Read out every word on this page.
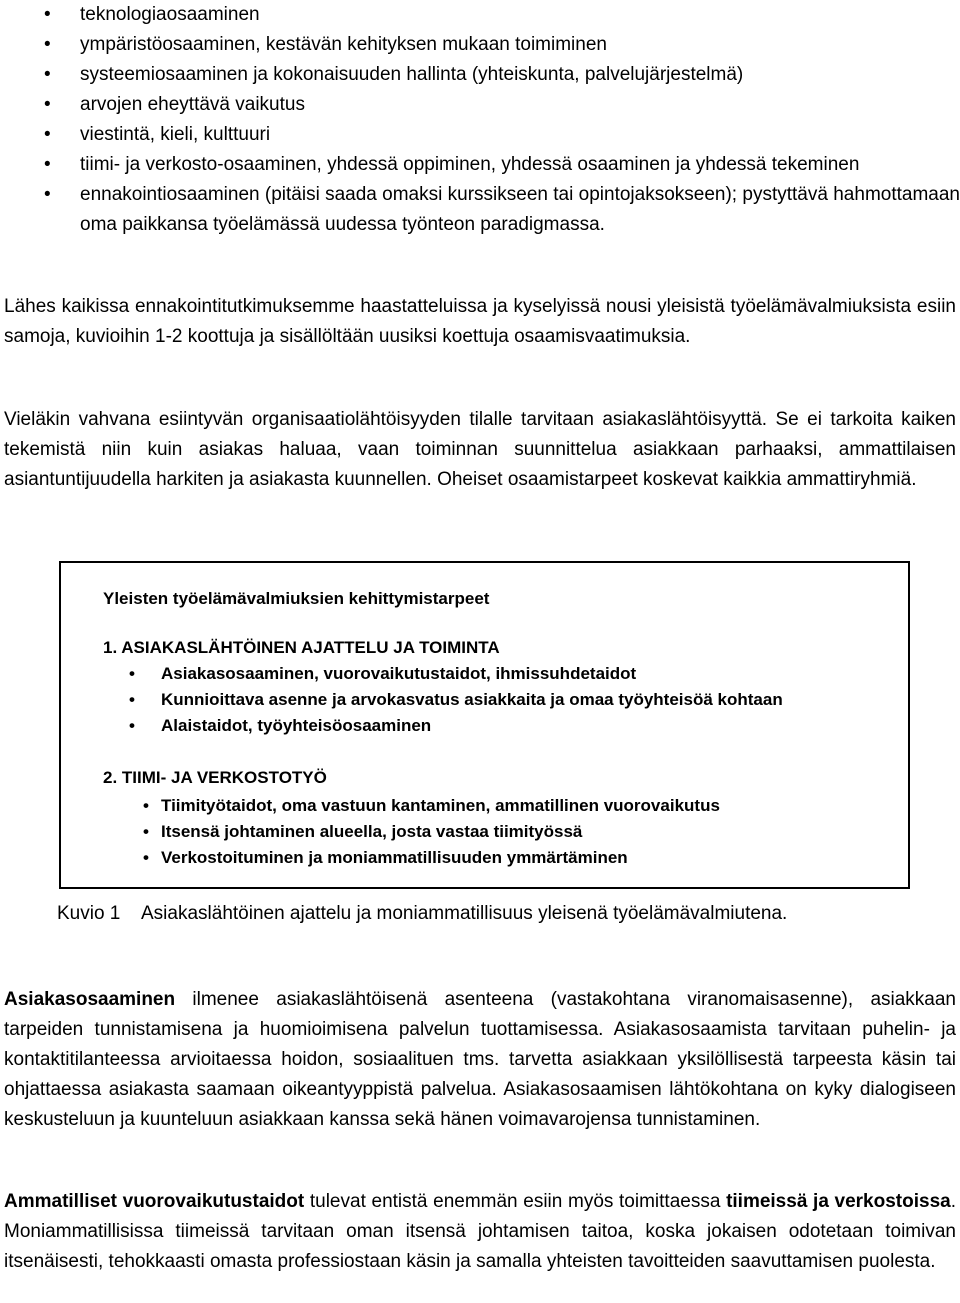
• teknologiaosaaminen
• ympäristöosaaminen, kestävän kehityksen mukaan toimiminen
• systeemiosaaminen ja kokonaisuuden hallinta (yhteiskunta, palvelujärjestelmä)
• arvojen eheyttävä vaikutus
• viestintä, kieli, kulttuuri
• tiimi- ja verkosto-osaaminen, yhdessä oppiminen, yhdessä osaaminen ja yhdessä tekeminen
• ennakointiosaaminen (pitäisi saada omaksi kurssikseen tai opintojaksokseen); pystyttävä hahmottamaan oma paikkansa työelämässä uudessa työnteon paradigmassa.

Lähes kaikissa ennakointitutkimuksemme haastatteluissa ja kyselyissä nousi yleisistä työelämävalmiuksista esiin samoja, kuvioihin 1-2 koottuja ja sisällöltään uusiksi koettuja osaamisvaatimuksia.

Vieläkin vahvana esiintyvän organisaatiolähtöisyyden tilalle tarvitaan asiakaslähtöisyyttä. Se ei tarkoita kaiken tekemistä niin kuin asiakas haluaa, vaan toiminnan suunnittelua asiakkaan parhaaksi, ammattilaisen asiantuntijuudella harkiten ja asiakasta kuunnellen. Oheiset osaamistarpeet koskevat kaikkia ammattiryhmiä.

Yleisten työelämävalmiuksien kehittymistarpeet
1. ASIAKASLÄHTÖINEN AJATTELU JA TOIMINTA
• Asiakasosaaminen, vuorovaikutustaidot, ihmissuhdetaidot
• Kunnioittava asenne ja arvokasvatus asiakkaita ja omaa työyhteisöä kohtaan
• Alaistaidot, työyhteisöosaaminen
2. TIIMI- JA VERKOSTOTYÖ
• Tiimityötaidot, oma vastuun kantaminen, ammatillinen vuorovaikutus
• Itsensä johtaminen alueella, josta vastaa tiimityössä
• Verkostoituminen ja moniammatillisuuden ymmärtäminen
Kuvio 1 Asiakaslähtöinen ajattelu ja moniammatillisuus yleisenä työelämävalmiutena.

Asiakasosaaminen ilmenee asiakaslähtöisenä asenteena (vastakohtana viranomaisasenne), asiakkaan tarpeiden tunnistamisena ja huomioimisena palvelun tuottamisessa. Asiakasosaamista tarvitaan puhelin- ja kontaktitilanteessa arvioitaessa hoidon, sosiaalituen tms. tarvetta asiakkaan yksilöllisestä tarpeesta käsin tai ohjattaessa asiakasta saamaan oikeantyyppistä palvelua. Asiakasosaamisen lähtökohtana on kyky dialogiseen keskusteluun ja kuunteluun asiakkaan kanssa sekä hänen voimavarojensa tunnistaminen.

Ammatilliset vuorovaikutustaidot tulevat entistä enemmän esiin myös toimittaessa tiimeissä ja verkostoissa. Moniammatillisissa tiimeissä tarvitaan oman itsensä johtamisen taitoa, koska jokaisen odotetaan toimivan itsenäisesti, tehokkaasti omasta professiostaan käsin ja samalla yhteisten tavoitteiden saavuttamisen puolesta.
